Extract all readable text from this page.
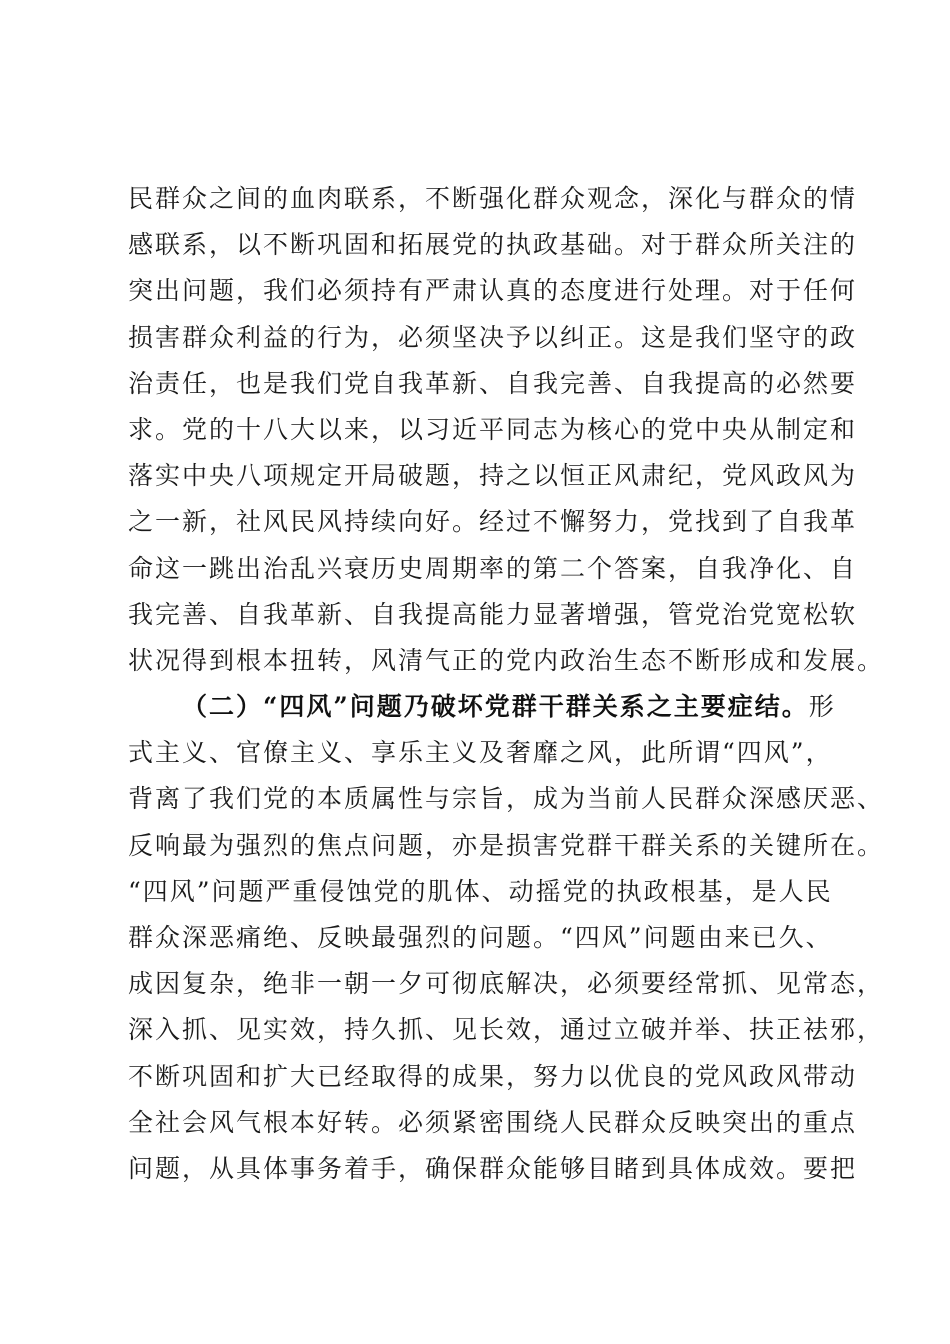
民群众之间的血肉联系，不断强化群众观念，深化与群众的情
感联系，以不断巩固和拓展党的执政基础。对于群众所关注的
突出问题，我们必须持有严肃认真的态度进行处理。对于任何
损害群众利益的行为，必须坚决予以纠正。这是我们坚守的政
治责任，也是我们党自我革新、自我完善、自我提高的必然要
求。党的十八大以来，以习近平同志为核心的党中央从制定和
落实中央八项规定开局破题，持之以恒正风肃纪，党风政风为
之一新，社风民风持续向好。经过不懈努力，党找到了自我革
命这一跳出治乱兴衰历史周期率的第二个答案，自我净化、自
我完善、自我革新、自我提高能力显著增强，管党治党宽松软
状况得到根本扭转，风清气正的党内政治生态不断形成和发展。
（二）“四风”问题乃破坏党群干群关系之主要症结。形
式主义、官僚主义、享乐主义及奢靡之风，此所谓“四风”，
背离了我们党的本质属性与宗旨，成为当前人民群众深感厌恶、
反响最为强烈的焦点问题，亦是损害党群干群关系的关键所在。
“四风”问题严重侵蚀党的肌体、动摇党的执政根基，是人民
群众深恶痛绝、反映最强烈的问题。“四风”问题由来已久、
成因复杂，绝非一朝一夕可彻底解决，必须要经常抓、见常态，
深入抓、见实效，持久抓、见长效，通过立破并举、扶正祛邪，
不断巩固和扩大已经取得的成果，努力以优良的党风政风带动
全社会风气根本好转。必须紧密围绕人民群众反映突出的重点
问题，从具体事务着手，确保群众能够目睹到具体成效。要把
